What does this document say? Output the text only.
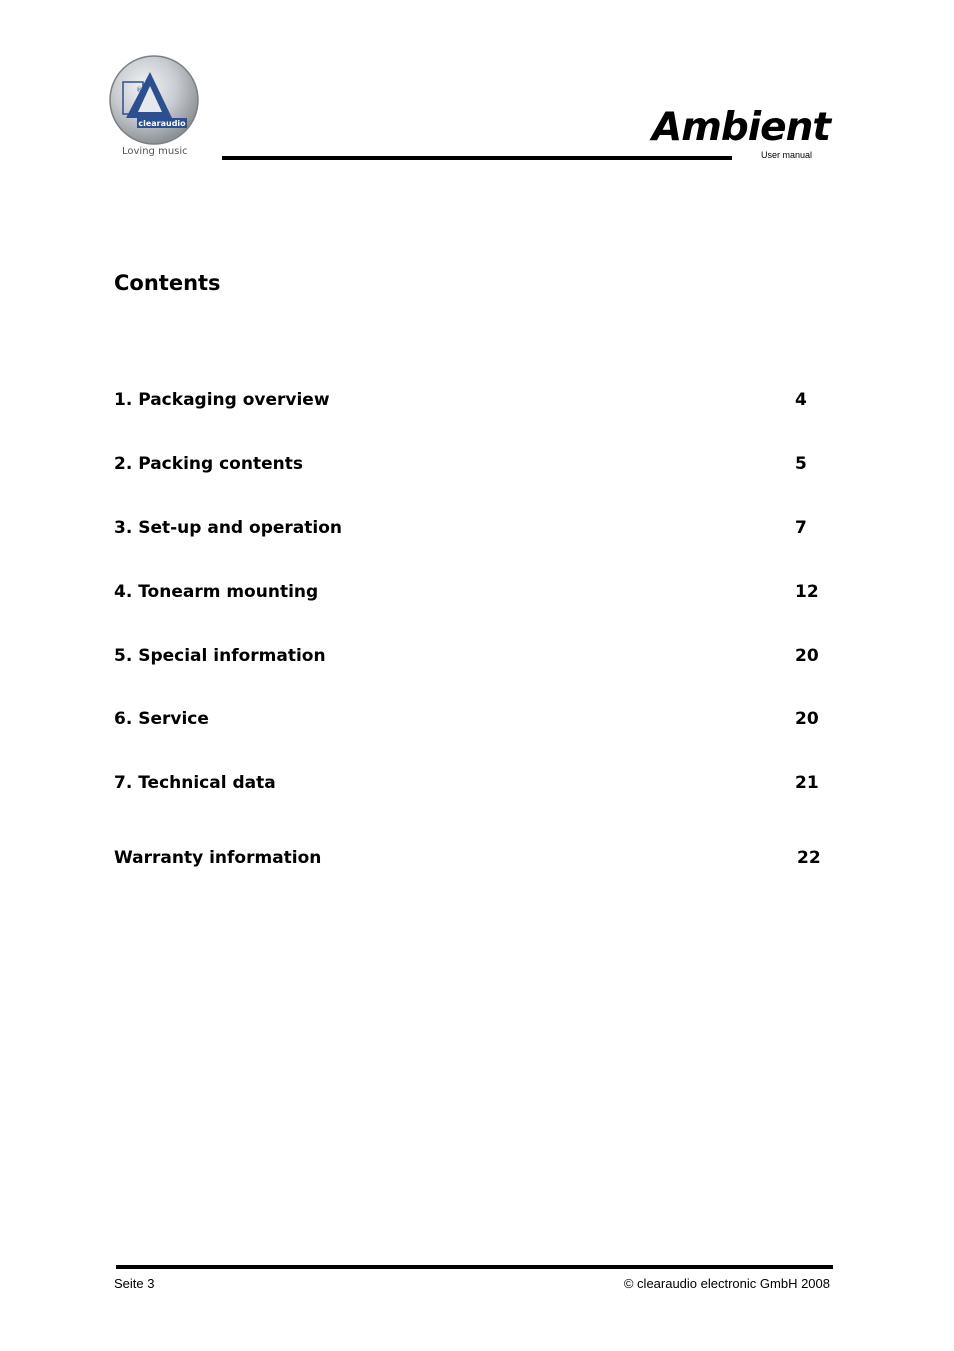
clearaudio
®
Loving music
Ambient
User manual
Contents
1. Packaging overview	4
2. Packing contents	5
3. Set-up and operation	7
4. Tonearm mounting	12
5. Special information	20
6. Service	20
7. Technical data	21
Warranty information	22
Seite 3	© clearaudio electronic GmbH 2008
